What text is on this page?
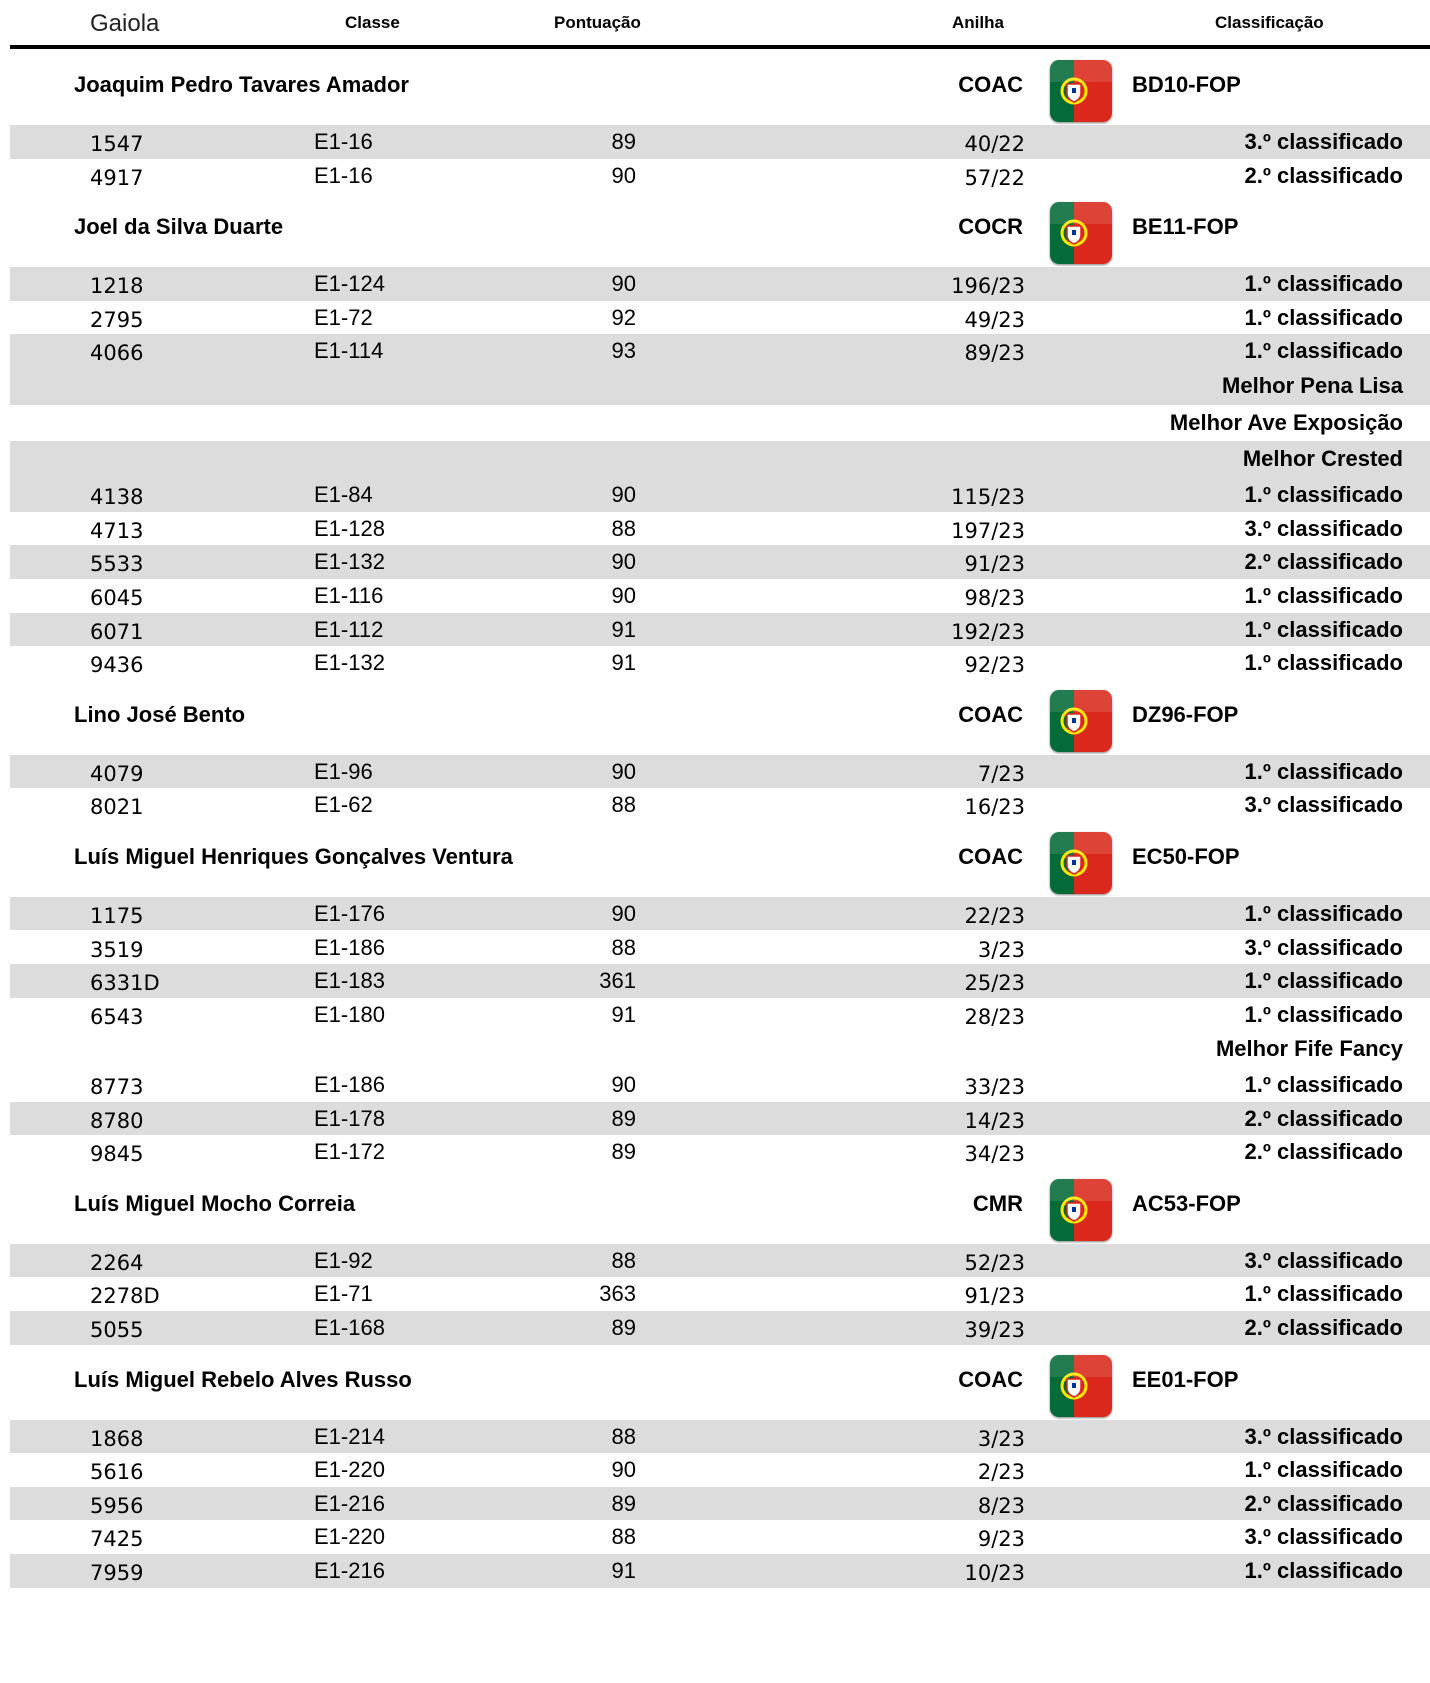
Gaiola	Classe	Pontuação	Anilha	Classificação
Joaquim Pedro Tavares Amador	COAC	BD10-FOP
1547	E1-16	89	40/22	3.º classificado
4917	E1-16	90	57/22	2.º classificado
Joel da Silva Duarte	COCR	BE11-FOP
1218	E1-124	90	196/23	1.º classificado
2795	E1-72	92	49/23	1.º classificado
4066	E1-114	93	89/23	1.º classificado
Melhor Pena Lisa
Melhor Ave Exposição
Melhor Crested
4138	E1-84	90	115/23	1.º classificado
4713	E1-128	88	197/23	3.º classificado
5533	E1-132	90	91/23	2.º classificado
6045	E1-116	90	98/23	1.º classificado
6071	E1-112	91	192/23	1.º classificado
9436	E1-132	91	92/23	1.º classificado
Lino José Bento	COAC	DZ96-FOP
4079	E1-96	90	7/23	1.º classificado
8021	E1-62	88	16/23	3.º classificado
Luís Miguel Henriques Gonçalves Ventura	COAC	EC50-FOP
1175	E1-176	90	22/23	1.º classificado
3519	E1-186	88	3/23	3.º classificado
6331D	E1-183	361	25/23	1.º classificado
6543	E1-180	91	28/23	1.º classificado
Melhor Fife Fancy
8773	E1-186	90	33/23	1.º classificado
8780	E1-178	89	14/23	2.º classificado
9845	E1-172	89	34/23	2.º classificado
Luís Miguel Mocho Correia	CMR	AC53-FOP
2264	E1-92	88	52/23	3.º classificado
2278D	E1-71	363	91/23	1.º classificado
5055	E1-168	89	39/23	2.º classificado
Luís Miguel Rebelo Alves Russo	COAC	EE01-FOP
1868	E1-214	88	3/23	3.º classificado
5616	E1-220	90	2/23	1.º classificado
5956	E1-216	89	8/23	2.º classificado
7425	E1-220	88	9/23	3.º classificado
7959	E1-216	91	10/23	1.º classificado
